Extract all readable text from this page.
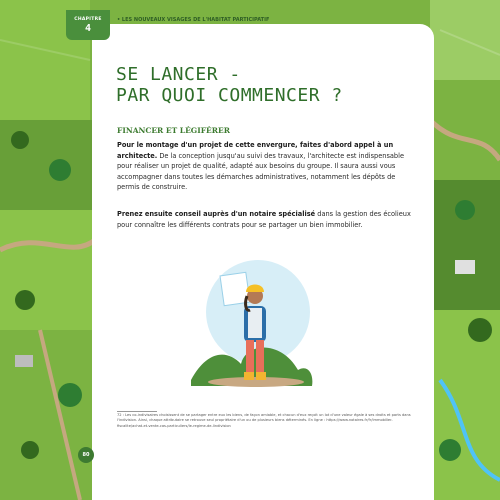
CHAPITRE
4
• LES NOUVEAUX VISAGES DE L'HABITAT PARTICIPATIF
SE LANCER -
PAR QUOI COMMENCER ?
FINANCER ET LÉGIFÉRER

Pour le montage d'un projet de cette envergure, faites d'abord appel à un architecte. De la conception jusqu'au suivi des travaux, l'architecte est indispensable pour réaliser un projet de qualité, adapté aux besoins du groupe. Il saura aussi vous accompagner dans toutes les démarches administratives, notamment les dépôts de permis de construire.

Prenez ensuite conseil auprès d'un notaire spécialisé dans la gestion des écolieux pour connaître les différents contrats pour se partager un bien immobilier.

72 : Les co-indivisaires choisissent de se partager entre eux les biens, de façon amiable, et chacun d'eux reçoit un lot d'une valeur égale à ses droits et parts dans l'indivision. Ainsi, chaque attributaire se retrouve seul propriétaire d'un ou de plusieurs biens déterminés. En ligne : https://www.notaires.fr/fr/immobilier-fiscalite/achat-et-vente-cas-particuliers/le-regime-de-lindivision

80
